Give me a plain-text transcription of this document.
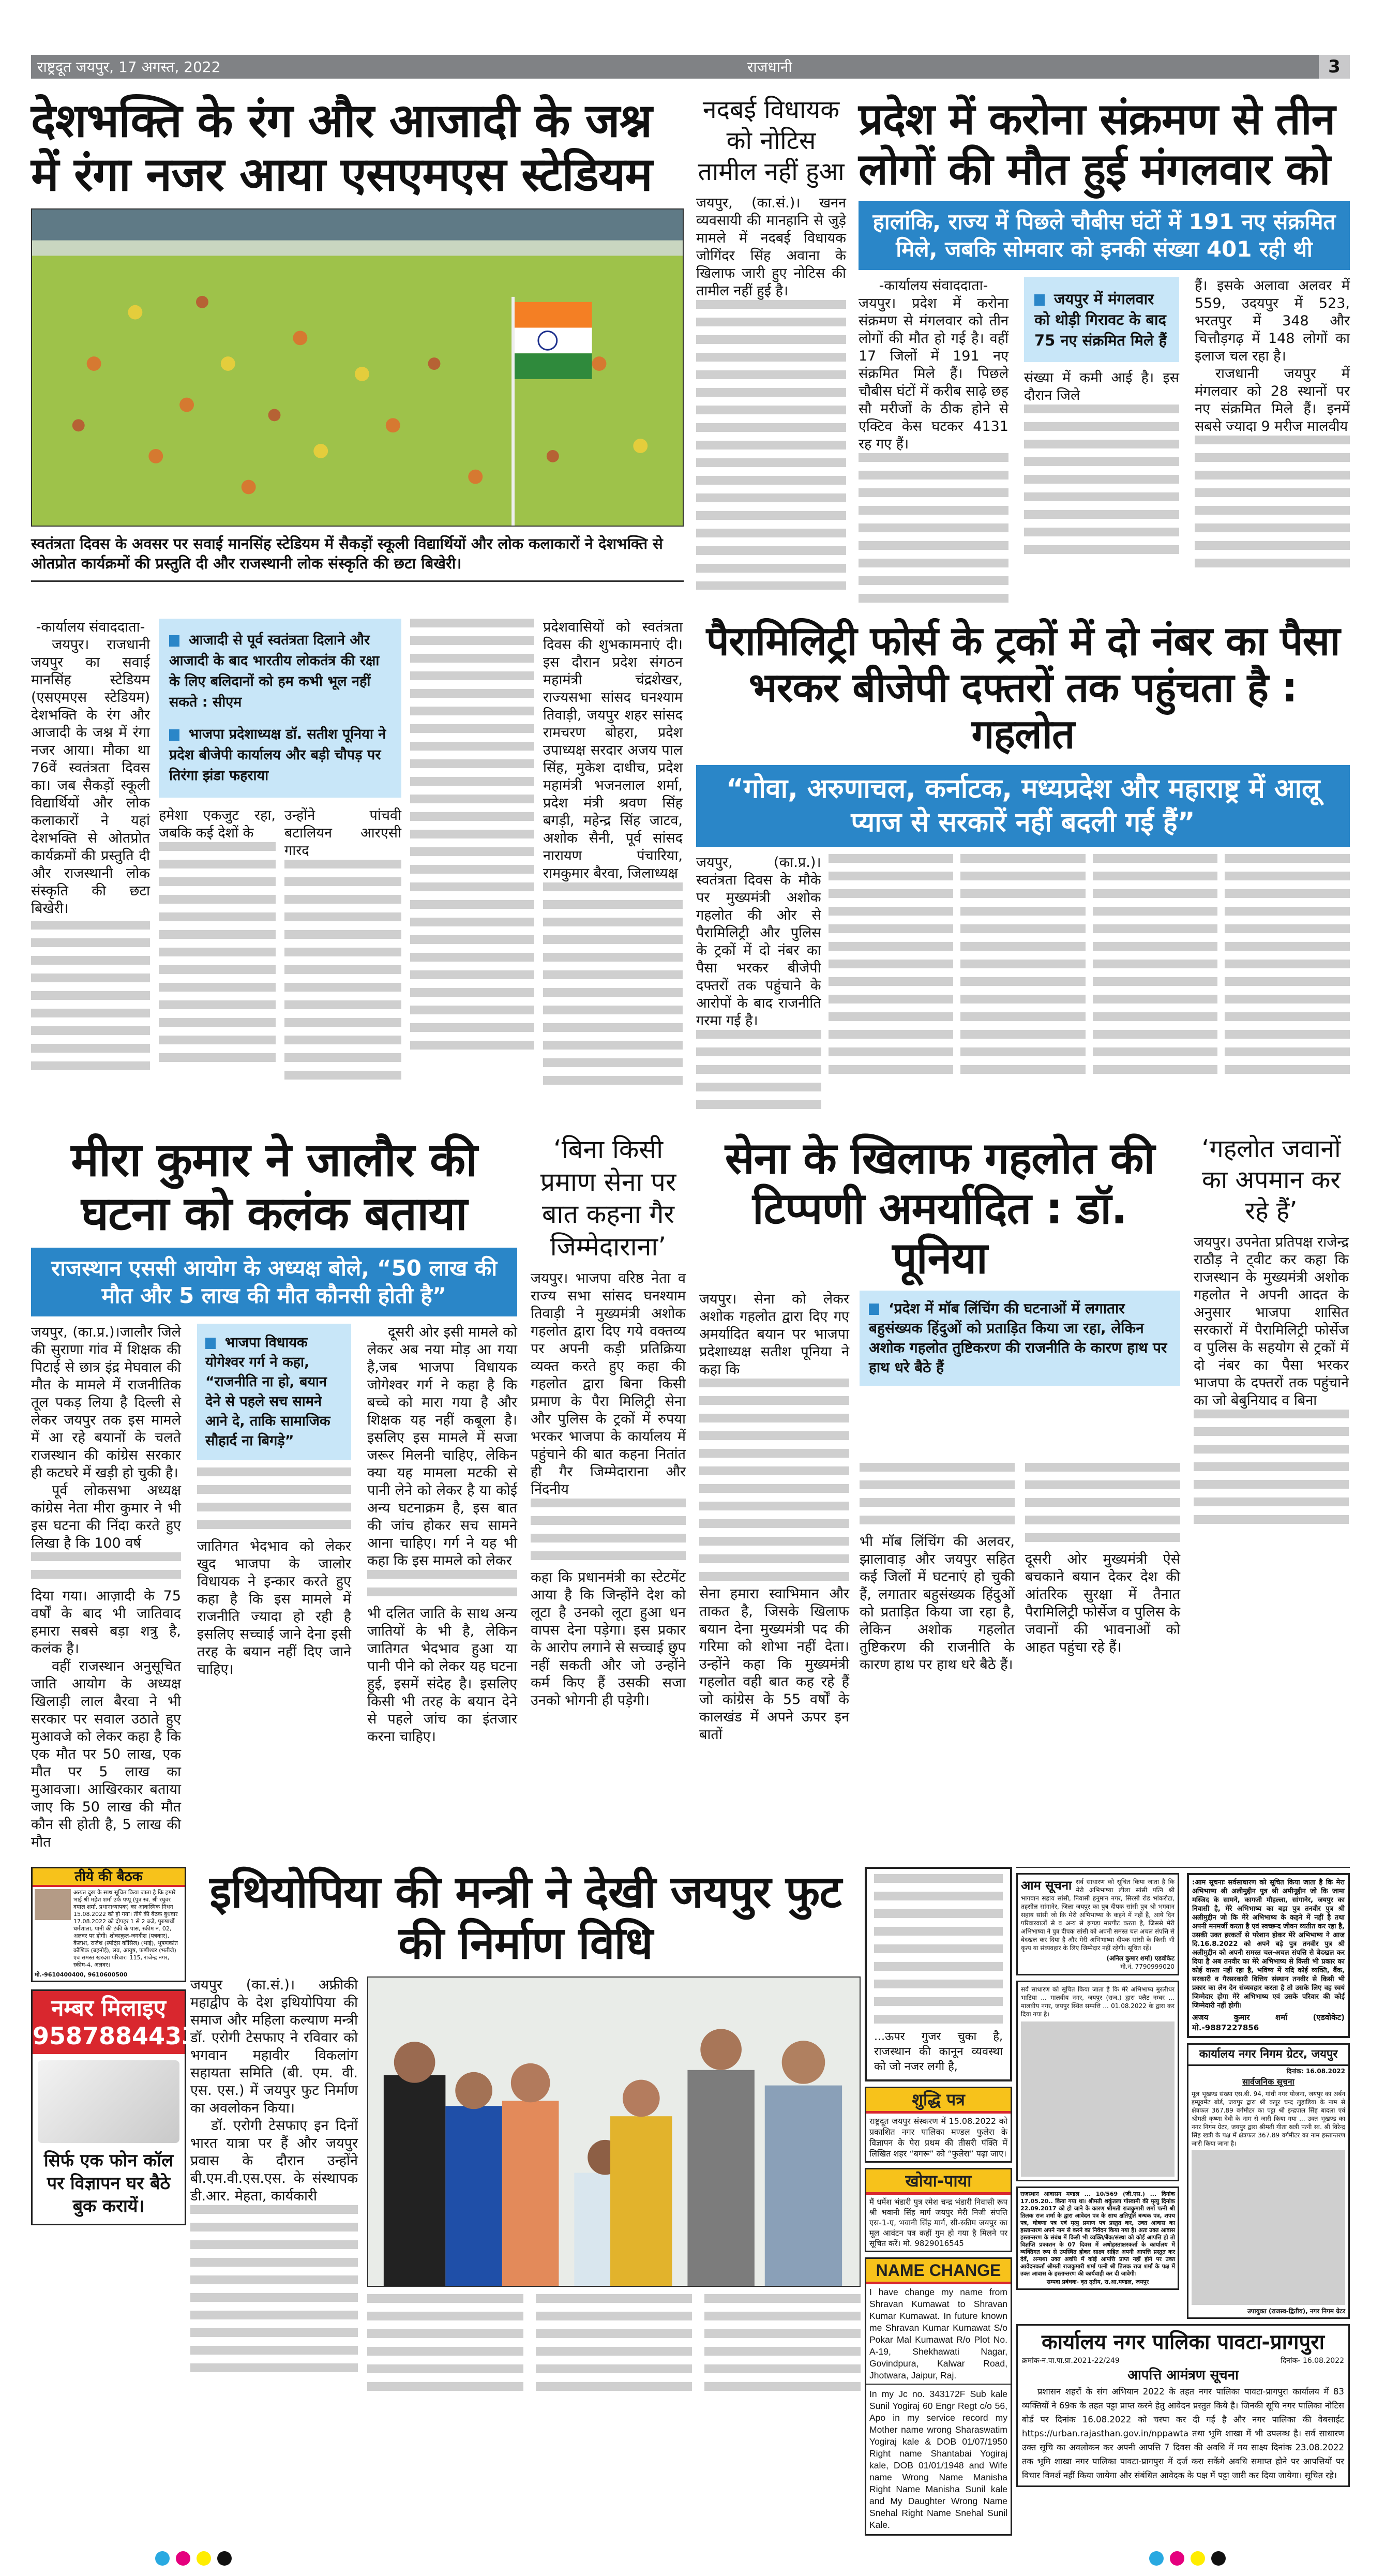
राष्ट्रदूत जयपुर, 17 अगस्त, 2022	राजधानी	3
देशभक्ति के रंग और आजादी के जश्न में रंगा नजर आया एसएमएस स्टेडियम
स्वतंत्रता दिवस के अवसर पर सवाई मानसिंह स्टेडियम में सैकड़ों स्कूली विद्यार्थियों और लोक कलाकारों ने देशभक्ति से ओतप्रोत कार्यक्रमों की प्रस्तुति दी और राजस्थानी लोक संस्कृति की छटा बिखेरी।
नदबई विधायक को नोटिस तामील नहीं हुआ

जयपुर, (का.सं.)। खनन व्यवसायी की मानहानि से जुड़े मामले में नदबई विधायक जोगिंदर सिंह अवाना के खिलाफ जारी हुए नोटिस की तामील नहीं हुई है।

प्रदेश में करोना संक्रमण से तीन लोगों की मौत हुई मंगलवार को
हालांकि, राज्य में पिछले चौबीस घंटों में 191 नए संक्रमित मिले, जबकि सोमवार को इनकी संख्या 401 रही थी

-कार्यालय संवाददाता-

जयपुर। प्रदेश में करोना संक्रमण से मंगलवार को तीन लोगों की मौत हो गई है। वहीं 17 जिलों में 191 नए संक्रमित मिले हैं। पिछले चौबीस घंटों में करीब साढ़े छह सौ मरीजों के ठीक होने से एक्टिव केस घटकर 4131 रह गए हैं।

जयपुर में मंगलवार को थोड़ी गिरावट के बाद 75 नए संक्रमित मिले हैं

संख्या में कमी आई है। इस दौरान जिले

हैं। इसके अलावा अलवर में 559, उदयपुर में 523, भरतपुर में 348 और चित्तौड़गढ़ में 148 लोगों का इलाज चल रहा है।

राजधानी जयपुर में मंगलवार को 28 स्थानों पर नए संक्रमित मिले हैं। इनमें सबसे ज्यादा 9 मरीज मालवीय

-कार्यालय संवाददाता-

जयपुर। राजधानी जयपुर का सवाई मानसिंह स्टेडियम (एसएमएस स्टेडियम) देशभक्ति के रंग और आजादी के जश्न में रंगा नजर आया। मौका था 76वें स्वतंत्रता दिवस का। जब सैकड़ों स्कूली विद्यार्थियों और लोक कलाकारों ने यहां देशभक्ति से ओतप्रोत कार्यक्रमों की प्रस्तुति दी और राजस्थानी लोक संस्कृति की छटा बिखेरी।

आजादी से पूर्व स्वतंत्रता दिलाने और आजादी के बाद भारतीय लोकतंत्र की रक्षा के लिए बलिदानों को हम कभी भूल नहीं सकते : सीएम

भाजपा प्रदेशाध्यक्ष डॉ. सतीश पूनिया ने प्रदेश बीजेपी कार्यालय और बड़ी चौपड़ पर तिरंगा झंडा फहराया

हमेशा एकजुट रहा, जबकि कई देशों के

उन्होंने पांचवी बटालियन आरएसी गारद

प्रदेशवासियों को स्वतंत्रता दिवस की शुभकामनाएं दी। इस दौरान प्रदेश संगठन महामंत्री चंद्रशेखर, राज्यसभा सांसद घनश्याम तिवाड़ी, जयपुर शहर सांसद रामचरण बोहरा, प्रदेश उपाध्यक्ष सरदार अजय पाल सिंह, मुकेश दाधीच, प्रदेश महामंत्री भजनलाल शर्मा, प्रदेश मंत्री श्रवण सिंह बगड़ी, महेन्द्र सिंह जाटव, अशोक सैनी, पूर्व सांसद नारायण पंचारिया, रामकुमार बैरवा, जिलाध्यक्ष

पैरामिलिट्री फोर्स के ट्रकों में दो नंबर का पैसा भरकर बीजेपी दफ्तरों तक पहुंचता है : गहलोत
“गोवा, अरुणाचल, कर्नाटक, मध्यप्रदेश और महाराष्ट्र में आलू प्याज से सरकारें नहीं बदली गई हैं”

जयपुर, (का.प्र.)। स्वतंत्रता दिवस के मौके पर मुख्यमंत्री अशोक गहलोत की ओर से पैरामिलिट्री और पुलिस के ट्रकों में दो नंबर का पैसा भरकर बीजेपी दफ्तरों तक पहुंचाने के आरोपों के बाद राजनीति गरमा गई है।

मीरा कुमार ने जालौर की घटना को कलंक बताया
राजस्थान एससी आयोग के अध्यक्ष बोले, “50 लाख की मौत और 5 लाख की मौत कौनसी होती है”

जयपुर, (का.प्र.)।जालौर जिले की सुराणा गांव में शिक्षक की पिटाई से छात्र इंद्र मेघवाल की मौत के मामले में राजनीतिक तूल पकड़ लिया है दिल्ली से लेकर जयपुर तक इस मामले में आ रहे बयानों के चलते राजस्थान की कांग्रेस सरकार ही कटघरे में खड़ी हो चुकी है।

पूर्व लोकसभा अध्यक्ष कांग्रेस नेता मीरा कुमार ने भी इस घटना की निंदा करते हुए लिखा है कि 100 वर्ष

दिया गया। आज़ादी के 75 वर्षों के बाद भी जातिवाद हमारा सबसे बड़ा शत्रु है, कलंक है।

वहीं राजस्थान अनुसूचित जाति आयोग के अध्यक्ष खिलाड़ी लाल बैरवा ने भी सरकार पर सवाल उठाते हुए मुआवजे को लेकर कहा है कि एक मौत पर 50 लाख, एक मौत पर 5 लाख का मुआवजा। आखिरकार बताया जाए कि 50 लाख की मौत कौन सी होती है, 5 लाख की मौत

भाजपा विधायक योगेश्वर गर्ग ने कहा, “राजनीति ना हो, बयान देने से पहले सच सामने आने दे, ताकि सामाजिक सौहार्द ना बिगड़े”

जातिगत भेदभाव को लेकर खुद भाजपा के जालोर विधायक ने इन्कार करते हुए कहा है कि इस मामले में राजनीति ज्यादा हो रही है इसलिए सच्चाई जाने देना इसी तरह के बयान नहीं दिए जाने चाहिए।

दूसरी ओर इसी मामले को लेकर अब नया मोड़ आ गया है,जब भाजपा विधायक जोगेश्वर गर्ग ने कहा है कि बच्चे को मारा गया है और शिक्षक यह नहीं कबूला है। इसलिए इस मामले में सजा जरूर मिलनी चाहिए, लेकिन क्या यह मामला मटकी से पानी लेने को लेकर है या कोई अन्य घटनाक्रम है, इस बात की जांच होकर सच सामने आना चाहिए। गर्ग ने यह भी कहा कि इस मामले को लेकर

भी दलित जाति के साथ अन्य जातियों के भी है, लेकिन जातिगत भेदभाव हुआ या पानी पीने को लेकर यह घटना हुई, इसमें संदेह है। इसलिए किसी भी तरह के बयान देने से पहले जांच का इंतजार करना चाहिए।

‘बिना किसी प्रमाण सेना पर बात कहना गैर जिम्मेदाराना’

जयपुर। भाजपा वरिष्ठ नेता व राज्य सभा सांसद घनश्याम तिवाड़ी ने मुख्यमंत्री अशोक गहलोत द्वारा दिए गये वक्तव्य पर अपनी कड़ी प्रतिक्रिया व्यक्त करते हुए कहा की गहलोत द्वारा बिना किसी प्रमाण के पैरा मिलिट्री सेना और पुलिस के ट्रकों में रुपया भरकर भाजपा के कार्यालय में पहुंचाने की बात कहना नितांत ही गैर जिम्मेदाराना और निंदनीय

कहा कि प्रधानमंत्री का स्टेटमेंट आया है कि जिन्होंने देश को लूटा है उनको लूटा हुआ धन वापस देना पड़ेगा। इस प्रकार के आरोप लगाने से सच्चाई छुप नहीं सकती और जो उन्होंने कर्म किए हैं उसकी सजा उनको भोगनी ही पड़ेगी।

सेना के खिलाफ गहलोत की टिप्पणी अमर्यादित : डॉ. पूनिया

जयपुर। सेना को लेकर अशोक गहलोत द्वारा दिए गए अमर्यादित बयान पर भाजपा प्रदेशाध्यक्ष सतीश पूनिया ने कहा कि

सेना हमारा स्वाभिमान और ताकत है, जिसके खिलाफ बयान देना मुख्यमंत्री पद की गरिमा को शोभा नहीं देता। उन्होंने कहा कि मुख्यमंत्री गहलोत वही बात कह रहे हैं जो कांग्रेस के 55 वर्षों के कालखंड में अपने ऊपर इन बातों

‘प्रदेश में मॉब लिंचिंग की घटनाओं में लगातार बहुसंख्यक हिंदुओं को प्रताड़ित किया जा रहा, लेकिन अशोक गहलोत तुष्टिकरण की राजनीति के कारण हाथ पर हाथ धरे बैठे हैं

भी मॉब लिंचिंग की अलवर, झालावाड़ और जयपुर सहित कई जिलों में घटनाएं हो चुकी हैं, लगातार बहुसंख्यक हिंदुओं को प्रताड़ित किया जा रहा है, लेकिन अशोक गहलोत तुष्टिकरण की राजनीति के कारण हाथ पर हाथ धरे बैठे हैं।

दूसरी ओर मुख्यमंत्री ऐसे बचकाने बयान देकर देश की आंतरिक सुरक्षा में तैनात पैरामिलिट्री फोर्सेज व पुलिस के जवानों की भावनाओं को आहत पहुंचा रहे हैं।

‘गहलोत जवानों का अपमान कर रहे हैं’

जयपुर। उपनेता प्रतिपक्ष राजेन्द्र राठौड़ ने ट्वीट कर कहा कि राजस्थान के मुख्यमंत्री अशोक गहलोत ने अपनी आदत के अनुसार भाजपा शासित सरकारों में पैरामिलिट्री फोर्सेज व पुलिस के सहयोग से ट्रकों में दो नंबर का पैसा भरकर भाजपा के दफ्तरों तक पहुंचाने का जो बेबुनियाद व बिना

तीये की बैठक
अत्यंत दुख के साथ सूचित किया जाता है कि हमारे भाई श्री महेश शर्मा उर्फ पप्पू (पुत्र स्व. श्री रघुवर दयाल शर्मा, प्रधानाध्यापक) का आकस्मिक निधन 15.08.2022 को हो गया। तीये की बैठक बुधवार 17.08.2022 को दोपहर 1 से 2 बजे, पुरुषार्थी धर्मशाला, पानी की टंकी के पास, स्कीम नं. 02, अलवर पर होगी। शोकाकुल-जगदीश (पत्रकार), कैलाश, राजेश (स्पोर्ट्स कौंसिल) (भाई), भूषणकांत कौशिक (बहनोई), लव, आयुष, फणीश्वर (भतीजे) एवं समस्त खरदरा परिवार। 115, राजेन्द्र नगर, स्कीम-4, अलवर।
मो.-9610400400, 9610600500
नम्बर मिलाइए
9587884433
सिर्फ एक फोन कॉल पर विज्ञापन घर बैठे बुक करायें।
इथियोपिया की मन्त्री ने देखी जयपुर फुट की निर्माण विधि

जयपुर (का.सं.)। अफ्रीकी महाद्वीप के देश इथियोपिया की समाज और महिला कल्याण मन्त्री डॉ. एरोगी टेसफाए ने रविवार को भगवान महावीर विकलांग सहायता समिति (बी. एम. वी. एस. एस.) में जयपुर फुट निर्माण का अवलोकन किया।

डॉ. एरोगी टेसफाए इन दिनों भारत यात्रा पर हैं और जयपुर प्रवास के दौरान उन्होंने बी.एम.वी.एस.एस. के संस्थापक डी.आर. मेहता, कार्यकारी

...ऊपर गुजर चुका है, राजस्थान की कानून व्यवस्था को जो नजर लगी है,
शुद्धि पत्र
राष्ट्रदूत जयपुर संस्करण में 15.08.2022 को प्रकाशित नगर पालिका मण्डल फुलेरा के विज्ञापन के पेरा प्रथम की तीसरी पंक्ति में लिखित शहर “बगरू” को “फुलेरा” पढ़ा जाए।
खोया-पाया
मैं धर्मेश भंडारी पुत्र रमेश चन्द्र भंडारी निवासी रूप श्री भवानी सिंह मार्ग जयपुर मेरी निजी संपत्ति एस-1-ए, भवानी सिंह मार्ग, सी-स्कीम जयपुर का मूल आवंटन पत्र कहीं गुम हो गया है मिलने पर सूचित करें। मो. 9829016545
NAME CHANGE
I have change my name from Shravan Kumawat to Shravan Kumar Kumawat. In future known me Shravan Kumar Kumawat S/o Pokar Mal Kumawat R/o Plot No. A-19, Shekhawati Nagar, Govindpura, Kalwar Road, Jhotwara, Jaipur, Raj.
In my Jc no. 343172F Sub kale Sunil Yogiraj 60 Engr Regt c/o 56, Apo in my service record my Mother name wrong Sharaswatim Yogiraj kale & DOB 01/07/1950 Right name Shantabai Yogiraj kale, DOB 01/01/1948 and Wife name Wrong Name Manisha Right Name Manisha Sunil kale and My Daughter Wrong Name Snehal Right Name Snehal Sunil Kale.
आम सूचना सर्व साधारण को सूचित किया जाता है कि मेरी अभिभाष्या लीला सांसी पत्नि श्री भागवान सहाय सांसी, निवासी हनुमान नगर, सिरसी रोड भांकरोटा, तहसील सांगानेर, जिला जयपुर का पुत्र दीपक सांसी पुत्र श्री भगवान सहाय सांसी जो कि मेरी अभिभाष्या के कहने में नहीं है, आये दिन परिवारवालों से व अन्य से झगड़ा मारपीट करता है, जिससे मेरी अभिभाष्या ने पुत्र दीपक सांसी को अपनी समस्त चल अचल संपत्ति से बेदखल कर दिया है और मेरी अभिभाष्या दीपक सांसी के किसी भी कृत्य या संव्यवहार के लिए जिम्मेदार नहीं रहेगी। सूचित रहें।
(अनिल कुमार शर्मा) एडवोकेट
मो.नं. 7790999020
सर्व साधारण को सूचित किया जाता है कि मेरे अभिभाष्य मुरलीधर भाटिया ... मालवीय नगर, जयपुर (राज.) द्वारा फ्लैट नम्बर ... मालवीय नगर, जयपुर स्थित सम्पत्ति ... 01.08.2022 के द्वारा कर दिया गया है।
राजस्थान आवासन मण्डल ... 10/569 (जी.एस.) ... दिनांक 17.05.20.. किया गया था। श्रीमती शकुंतला गोस्वामी की मृत्यु दिनांक 22.09.2017 को हो जाने के कारण श्रीमती राजकुमारी शर्मा पत्नी श्री तिलक राज शर्मा के द्वारा आवेदन पत्र के साथ क्षतिपूर्ति बन्धक पत्र, शपथ पत्र, घोषणा पत्र एवं मृत्यु प्रमाण पत्र प्रस्तुत कर, उक्त आवास का हस्तान्तरण अपने नाम से करने का निवेदन किया गया है। अतः उक्त आवास हस्तान्तरण के संबंध में किसी भी व्यक्ति/बैंक/संस्था को कोई आपत्ति हो तो विज्ञप्ति प्रकाशन के 07 दिवस में अधोहस्ताक्षरकर्ता के कार्यालय में व्यक्तिगत रूप से उपस्थित होकर साक्ष्य सहित अपनी आपत्ति प्रस्तुत कर देवें, अन्यथा उक्त अवधि में कोई आपत्ति प्राप्त नहीं होने पर उक्त आवेदनकर्ता श्रीमती राजकुमारी शर्मा पत्नी श्री तिलक राज शर्मा के पक्ष में उक्त आवास के हस्तान्तरण की कार्यवाही कर दी जावेगी।
सम्पदा प्रबंधक- वृत तृतीय, रा.आ.मण्डल, जयपुर
:आम सूचनाः सर्वसाधारण को सूचित किया जाता है कि मेरा अभिभाष्य श्री अलीमुद्दीन पुत्र श्री अमीनूद्दीन जो कि जामा मस्जिद के सामने, कागजी मौहल्ला, सांगानेर, जयपुर का निवासी है, मेरे अभिभाष्य का बड़ा पुत्र तनवीर पुत्र श्री अलीमुद्दीन जो कि मेरे अभिभाष्य के कहने में नहीं है तथा अपनी मनमर्जी करता है एवं स्वच्छन्द जीवन व्यतीत कर रहा है, उसकी उक्त हरकतों से परेशान होकर मेरे अभिभाष्य ने आज दि.16.8.2022 को अपने बड़े पुत्र तनवीर पुत्र श्री अलीमुद्दीन को अपनी समस्त चल-अचल संपत्ति से बेदखल कर दिया है अब तनवीर का मेरे अभिभाष्य से किसी भी प्रकार का कोई वास्ता नहीं रहा है, भविष्य में यदि कोई व्यक्ति, बैंक, सरकारी व गैरसरकारी वित्तिय संस्थान तनवीर से किसी भी प्रकार का लेन देन संव्यवहार करता है तो उसके लिए वह स्वयं जिम्मेदार होगा मेरे अभिभाष्य एवं उसके परिवार की कोई जिम्मेदारी नहीं होगी।
अजय कुमार शर्मा (एडवोकेट) मो.-9887227856
कार्यालय नगर निगम ग्रेटर, जयपुर
दिनांक: 16.08.2022
सार्वजनिक सूचना
मूल भूखण्ड संख्या एस.बी. 94, गांधी नगर योजना, जयपुर का अर्बन इम्प्रूवमेंट बोर्ड, जयपुर द्वारा श्री कपूर चन्द लुहाड़िया के नाम से क्षेत्रफल 367.89 वर्गमीटर का पट्टा श्री इन्द्रपाल सिंह बादला एवं श्रीमती कृष्णा देवी के नाम से जारी किया गया ... उक्त भूखण्ड का नगर निगम ग्रेटर, जयपुर द्वारा श्रीमती गीता खत्री पत्नी स्व. श्री विरेन्द्र सिंह खत्री के पक्ष में क्षेत्रफल 367.89 वर्गमीटर का नाम हस्तान्तरण जारी किया जाना है।
उपायुक्त (राजस्व-द्वितीय), नगर निगम ग्रेटर
कार्यालय नगर पालिका पावटा-प्रागपुरा
क्रमांक-न.पा.पा.प्रा.2021-22/249	दिनांक- 16.08.2022
आपत्ति आमंत्रण सूचना
प्रशासन शहरों के संग अभियान 2022 के तहत नगर पालिका पावटा-प्रागपुरा कार्यालय में 83 व्यक्तियों ने 69क के तहत पट्टा प्राप्त करने हेतु आवेदन प्रस्तुत किये है। जिनकी सूचि नगर पालिका नोटिस बोर्ड पर दिनांक 16.08.2022 को चस्पा कर दी गई है और नगर पालिका की वेबसाईट https://urban.rajasthan.gov.in/nppawta तथा भूमि शाखा में भी उपलब्ध है। सर्व साधारण उक्त सूचि का अवलोकन कर अपनी आपत्ति 7 दिवस की अवधि में मय साक्ष्य दिनांक 23.08.2022 तक भूमि शाखा नगर पालिका पावटा-प्रागपुरा में दर्ज करा सकेंगे अवधि समाप्त होने पर आपत्तियों पर विचार विमर्श नहीं किया जायेगा और संबंधित आवेदक के पक्ष में पट्टा जारी कर दिया जायेगा। सूचित रहे।
